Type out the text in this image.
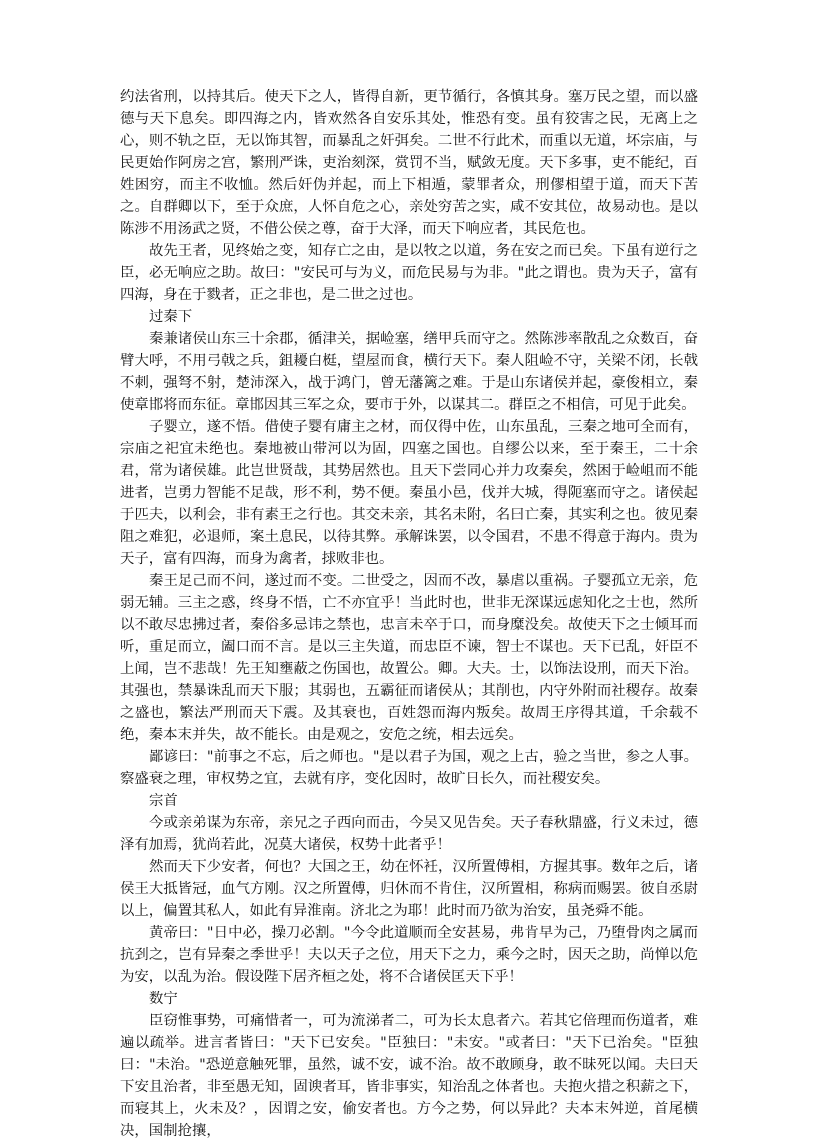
约法省刑，以持其后。使天下之人，皆得自新，更节循行，各慎其身。塞万民之望，而以盛德与天下息矣。即四海之内，皆欢然各自安乐其处，惟恐有变。虽有狡害之民，无离上之心，则不轨之臣，无以饰其智，而暴乱之奸弭矣。二世不行此术，而重以无道，坏宗庙，与民更始作阿房之宫，繁刑严诛，吏治刻深，赏罚不当，赋敛无度。天下多事，吏不能纪，百姓困穷，而主不收恤。然后奸伪并起，而上下相遁，蒙罪者众，刑僇相望于道，而天下苦之。自群卿以下，至于众庶，人怀自危之心，亲处穷苦之实，咸不安其位，故易动也。是以陈涉不用汤武之贤，不借公侯之尊，奋于大泽，而天下响应者，其民危也。

故先王者，见终始之变，知存亡之由，是以牧之以道，务在安之而已矣。下虽有逆行之臣，必无响应之助。故曰："安民可与为义，而危民易与为非。"此之谓也。贵为天子，富有四海，身在于戮者，正之非也，是二世之过也。

过秦下

秦兼诸侯山东三十余郡，循津关，据崄塞，缮甲兵而守之。然陈涉率散乱之众数百，奋臂大呼，不用弓戟之兵，鉏耰白梃，望屋而食，横行天下。秦人阻崄不守，关梁不闭，长戟不刺，强弩不射，楚沛深入，战于鸿门，曾无藩篱之难。于是山东诸侯并起，豪俊相立，秦使章邯将而东征。章邯因其三军之众，要市于外，以谋其二。群臣之不相信，可见于此矣。

子婴立，遂不悟。借使子婴有庸主之材，而仅得中佐，山东虽乱，三秦之地可全而有，宗庙之祀宜未绝也。秦地被山带河以为固，四塞之国也。自缪公以来，至于秦王，二十余君，常为诸侯雄。此岂世贤哉，其势居然也。且天下尝同心并力攻秦矣，然困于崄岨而不能进者，岂勇力智能不足哉，形不利，势不便。秦虽小邑，伐并大城，得阨塞而守之。诸侯起于匹夫，以利会，非有素王之行也。其交未亲，其名未附，名曰亡秦，其实利之也。彼见秦阻之难犯，必退师，案土息民，以待其弊。承解诛罢，以令国君，不患不得意于海内。贵为天子，富有四海，而身为禽者，捄败非也。

秦王足己而不问，遂过而不变。二世受之，因而不改，暴虐以重祸。子婴孤立无亲，危弱无辅。三主之惑，终身不悟，亡不亦宜乎！当此时也，世非无深谋远虑知化之士也，然所以不敢尽忠拂过者，秦俗多忌讳之禁也，忠言未卒于口，而身糜没矣。故使天下之士倾耳而听，重足而立，阖口而不言。是以三主失道，而忠臣不谏，智士不谋也。天下已乱，奸臣不上闻，岂不悲哉！先王知壅蔽之伤国也，故置公。卿。大夫。士，以饰法设刑，而天下治。其强也，禁暴诛乱而天下服；其弱也，五霸征而诸侯从；其削也，内守外附而社稷存。故秦之盛也，繁法严刑而天下震。及其衰也，百姓怨而海内叛矣。故周王序得其道，千余载不绝，秦本末并失，故不能长。由是观之，安危之统，相去远矣。

鄙谚曰："前事之不忘，后之师也。"是以君子为国，观之上古，验之当世，参之人事。察盛衰之理，审权势之宜，去就有序，变化因时，故旷日长久，而社稷安矣。

宗首

今或亲弟谋为东帝，亲兄之子西向而击，今吴又见告矣。天子春秋鼎盛，行义未过，德泽有加焉，犹尚若此，况莫大诸侯，权势十此者乎！

然而天下少安者，何也？大国之王，幼在怀衽，汉所置傅相，方握其事。数年之后，诸侯王大抵皆冠，血气方刚。汉之所置傅，归休而不肯住，汉所置相，称病而赐罢。彼自丞尉以上，偏置其私人，如此有异淮南。济北之为耶！此时而乃欲为治安，虽尧舜不能。

黄帝曰："日中必，操刀必割。"今令此道顺而全安甚易，弗肯早为己，乃堕骨肉之属而抗刭之，岂有异秦之季世乎！夫以天子之位，用天下之力，乘今之时，因天之助，尚惮以危为安，以乱为治。假设陛下居齐桓之处，将不合诸侯匡天下乎！

数宁

臣窃惟事势，可痛惜者一，可为流涕者二，可为长太息者六。若其它倍理而伤道者，难遍以疏举。进言者皆曰："天下已安矣。"臣独曰："未安。"或者曰："天下已治矣。"臣独曰："未治。"恐逆意触死罪，虽然，诚不安，诚不治。故不敢顾身，敢不昧死以闻。夫曰天下安且治者，非至愚无知，固谀者耳，皆非事实，知治乱之体者也。夫抱火措之积薪之下，而寝其上，火未及？，因谓之安，偷安者也。方今之势，何以异此？夫本末舛逆，首尾横决，国制抢攘，
